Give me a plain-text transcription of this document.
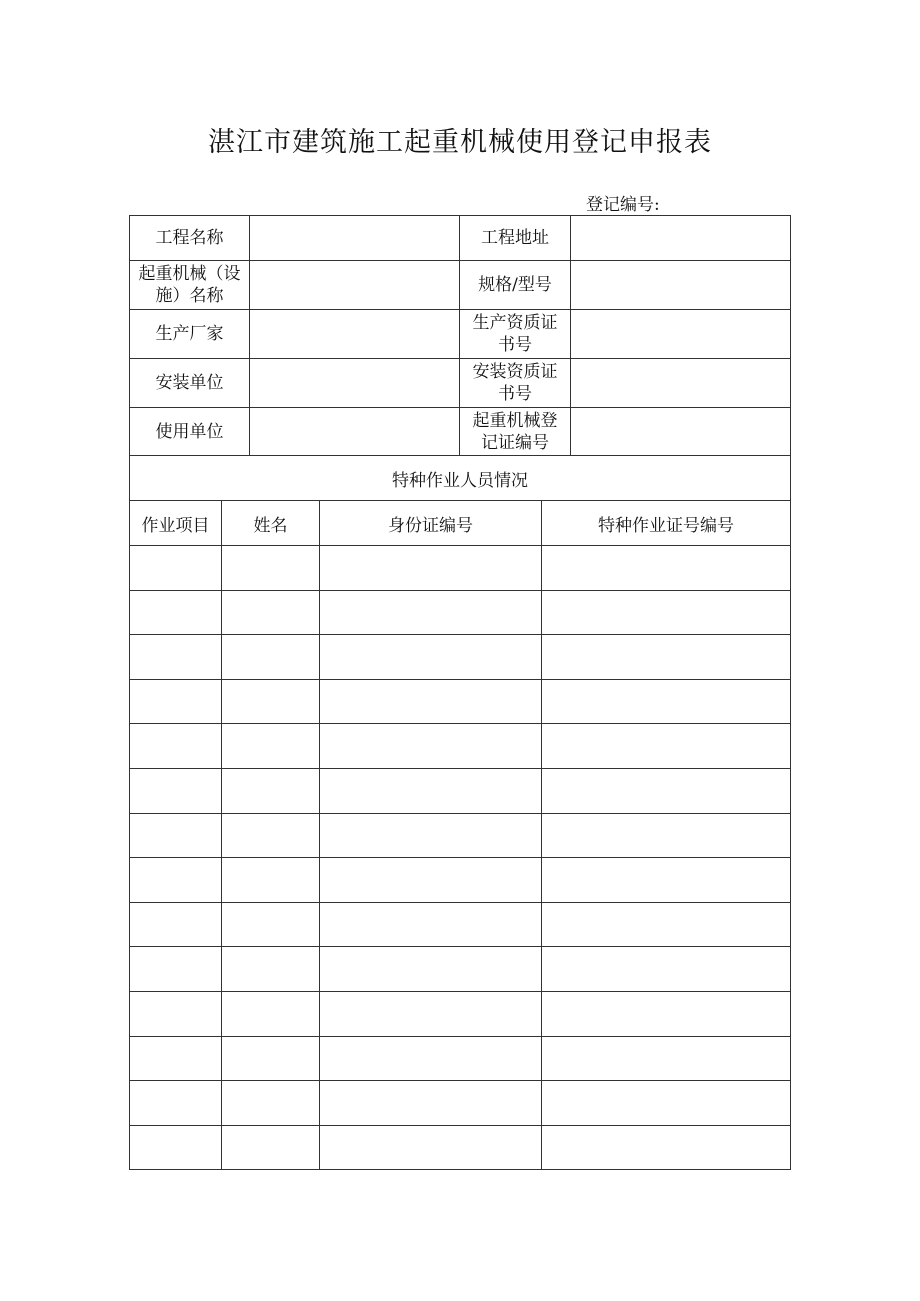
湛江市建筑施工起重机械使用登记申报表
登记编号:
工程名称		工程地址	

起重机械（设
施）名称		规格/型号	
生产厂家		生产资质证
书号	

安装单位		安装资质证
书号	

使用单位		起重机械登
记证编号	

特种作业人员情况			
作业项目	姓名	身份证编号	特种作业证号编号
